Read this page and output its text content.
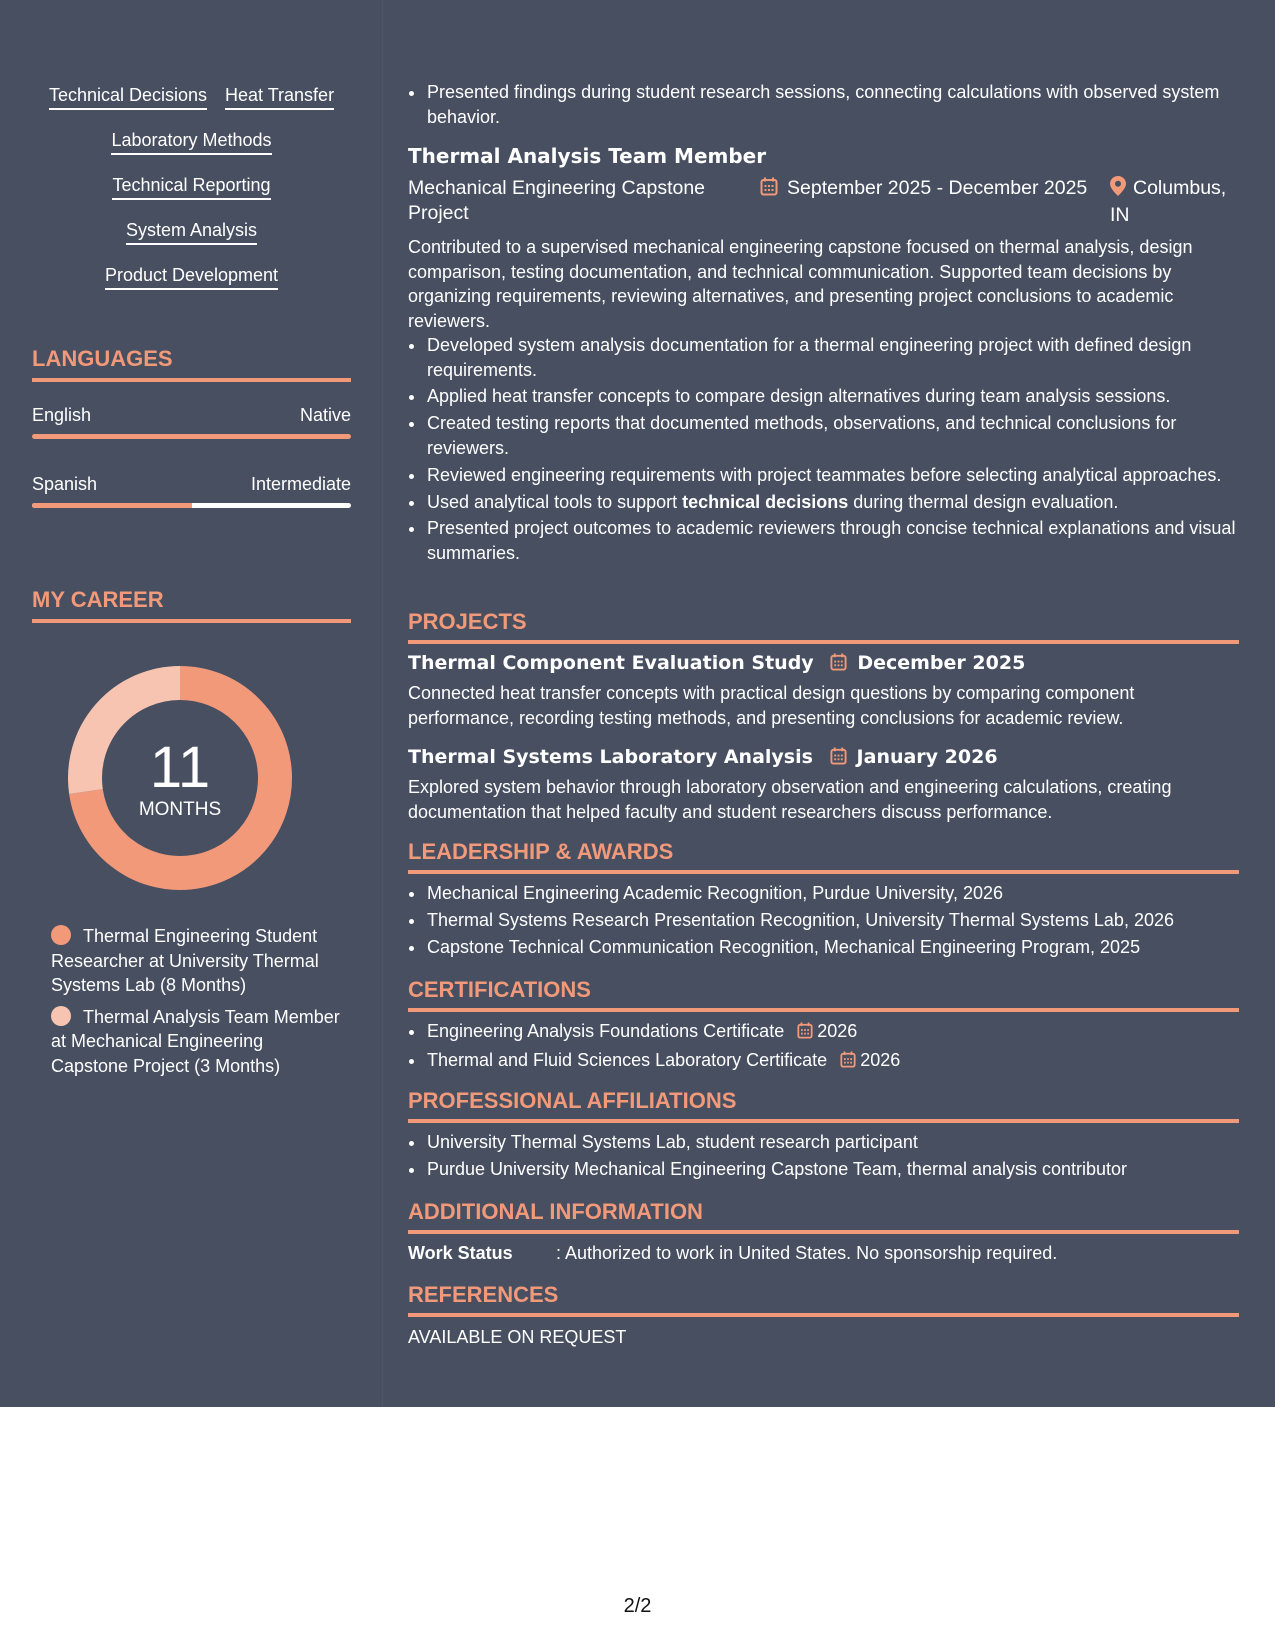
Technical Decisions Heat Transfer
Laboratory Methods
Technical Reporting
System Analysis
Product Development
LANGUAGES
English	Native
Spanish	Intermediate
MY CAREER
11
MONTHS
Thermal Engineering Student Researcher at University Thermal Systems Lab (8 Months)
Thermal Analysis Team Member at Mechanical Engineering Capstone Project (3 Months)
• Presented findings during student research sessions, connecting calculations with observed system behavior.
Thermal Analysis Team Member
Mechanical Engineering Capstone Project
September 2025 - December 2025	Columbus, IN
Contributed to a supervised mechanical engineering capstone focused on thermal analysis, design comparison, testing documentation, and technical communication. Supported team decisions by organizing requirements, reviewing alternatives, and presenting project conclusions to academic reviewers.
• Developed system analysis documentation for a thermal engineering project with defined design requirements.
• Applied heat transfer concepts to compare design alternatives during team analysis sessions.
• Created testing reports that documented methods, observations, and technical conclusions for reviewers.
• Reviewed engineering requirements with project teammates before selecting analytical approaches.
• Used analytical tools to support technical decisions during thermal design evaluation.
• Presented project outcomes to academic reviewers through concise technical explanations and visual summaries.
PROJECTS
Thermal Component Evaluation Study December 2025
Connected heat transfer concepts with practical design questions by comparing component performance, recording testing methods, and presenting conclusions for academic review.
Thermal Systems Laboratory Analysis January 2026
Explored system behavior through laboratory observation and engineering calculations, creating documentation that helped faculty and student researchers discuss performance.
LEADERSHIP & AWARDS
• Mechanical Engineering Academic Recognition, Purdue University, 2026
• Thermal Systems Research Presentation Recognition, University Thermal Systems Lab, 2026
• Capstone Technical Communication Recognition, Mechanical Engineering Program, 2025
CERTIFICATIONS
• Engineering Analysis Foundations Certificate 2026
• Thermal and Fluid Sciences Laboratory Certificate 2026
PROFESSIONAL AFFILIATIONS
• University Thermal Systems Lab, student research participant
• Purdue University Mechanical Engineering Capstone Team, thermal analysis contributor
ADDITIONAL INFORMATION
Work Status : Authorized to work in United States. No sponsorship required.
REFERENCES
AVAILABLE ON REQUEST
2/2
